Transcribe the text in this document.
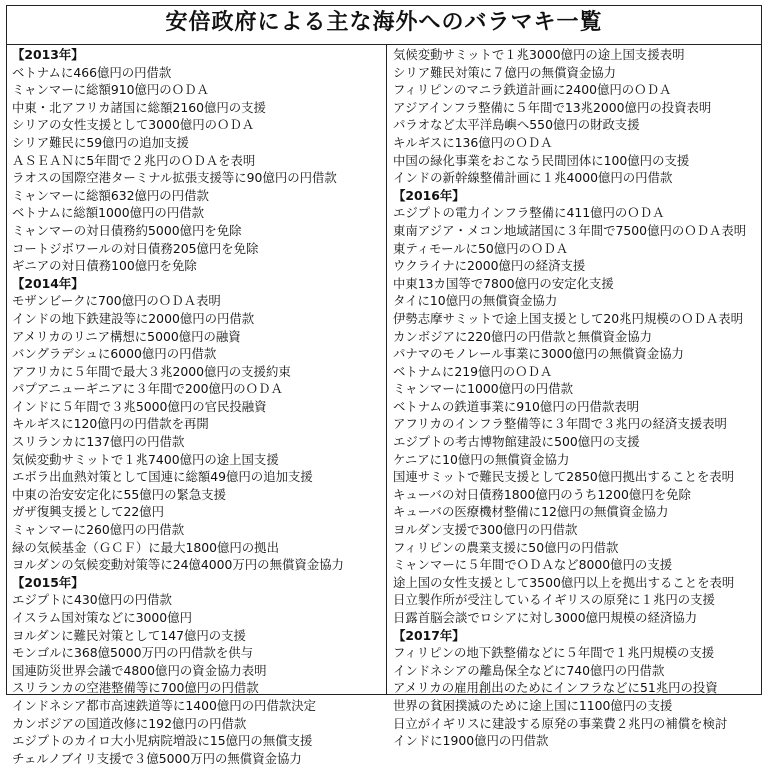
安倍政府による主な海外へのバラマキ一覧
【2013年】
ベトナムに466億円の円借款
ミャンマーに総額910億円のＯＤＡ
中東・北アフリカ諸国に総額2160億円の支援
シリアの女性支援として3000億円のＯＤＡ
シリア難民に59億円の追加支援
ＡＳＥＡＮに5年間で２兆円のＯＤＡを表明
ラオスの国際空港ターミナル拡張支援等に90億円の円借款
ミャンマーに総額632億円の円借款
ベトナムに総額1000億円の円借款
ミャンマーの対日債務約5000億円を免除
コートジボワールの対日債務205億円を免除
ギニアの対日債務100億円を免除
【2014年】
モザンビークに700億円のＯＤＡ表明
インドの地下鉄建設等に2000億円の円借款
アメリカのリニア構想に5000億円の融資
バングラデシュに6000億円の円借款
アフリカに５年間で最大３兆2000億円の支援約束
パプアニューギニアに３年間で200億円のＯＤＡ
インドに５年間で３兆5000億円の官民投融資
キルギスに120億円の円借款を再開
スリランカに137億円の円借款
気候変動サミットで１兆7400億円の途上国支援
エボラ出血熱対策として国連に総額49億円の追加支援
中東の治安安定化に55億円の緊急支援
ガザ復興支援として22億円
ミャンマーに260億円の円借款
緑の気候基金（ＧＣＦ）に最大1800億円の拠出
ヨルダンの気候変動対策等に24億4000万円の無償資金協力
【2015年】
エジプトに430億円の円借款
イスラム国対策などに3000億円
ヨルダンに難民対策として147億円の支援
モンゴルに368億5000万円の円借款を供与
国連防災世界会議で4800億円の資金協力表明
スリランカの空港整備等に700億円の円借款
インドネシア都市高速鉄道等に1400億円の円借款決定
カンボジアの国道改修に192億円の円借款
エジプトのカイロ大小児病院増設に15億円の無償支援
チェルノブイリ支援で３億5000万円の無償資金協力
気候変動サミットで１兆3000億円の途上国支援表明
シリア難民対策に７億円の無償資金協力
フィリピンのマニラ鉄道計画に2400億円のＯＤＡ
アジアインフラ整備に５年間で13兆2000億円の投資表明
パラオなど太平洋島嶼へ550億円の財政支援
キルギスに136億円のＯＤＡ
中国の緑化事業をおこなう民間団体に100億円の支援
インドの新幹線整備計画に１兆4000億円の円借款
【2016年】
エジプトの電力インフラ整備に411億円のＯＤＡ
東南アジア・メコン地域諸国に３年間で7500億円のＯＤＡ表明
東ティモールに50億円のＯＤＡ
ウクライナに2000億円の経済支援
中東13カ国等で7800億円の安定化支援
タイに10億円の無償資金協力
伊勢志摩サミットで途上国支援として20兆円規模のＯＤＡ表明
カンボジアに220億円の円借款と無償資金協力
パナマのモノレール事業に3000億円の無償資金協力
ベトナムに219億円のＯＤＡ
ミャンマーに1000億円の円借款
ベトナムの鉄道事業に910億円の円借款表明
アフリカのインフラ整備等に３年間で３兆円の経済支援表明
エジプトの考古博物館建設に500億円の支援
ケニアに10億円の無償資金協力
国連サミットで難民支援として2850億円拠出することを表明
キューバの対日債務1800億円のうち1200億円を免除
キューバの医療機材整備に12億円の無償資金協力
ヨルダン支援で300億円の円借款
フィリピンの農業支援に50億円の円借款
ミャンマーに５年間でＯＤＡなど8000億円の支援
途上国の女性支援として3500億円以上を拠出することを表明
日立製作所が受注しているイギリスの原発に１兆円の支援
日露首脳会談でロシアに対し3000億円規模の経済協力
【2017年】
フィリピンの地下鉄整備などに５年間で１兆円規模の支援
インドネシアの離島保全などに740億円の円借款
アメリカの雇用創出のためにインフラなどに51兆円の投資
世界の貧困撲滅のために途上国に1100億円の支援
日立がイギリスに建設する原発の事業費２兆円の補償を検討
インドに1900億円の円借款
